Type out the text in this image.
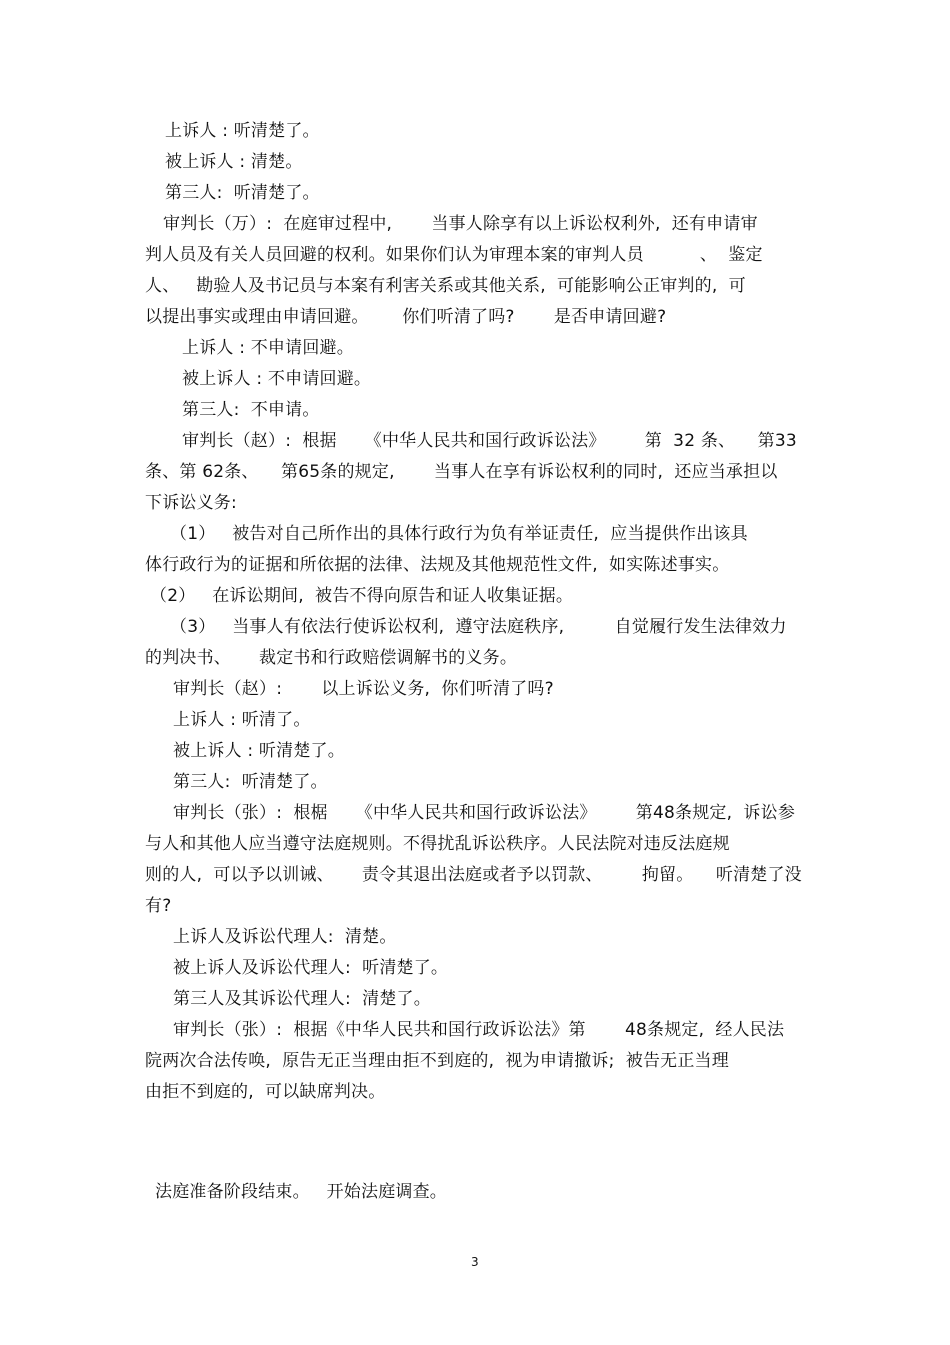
上诉人 : 听清楚了。
被上诉人 : 清楚。
第三人:  听清楚了。
审判长（万）:  在庭审过程中,       当事人除享有以上诉讼权利外,  还有申请审
判人员及有关人员回避的权利。如果你们认为审理本案的审判人员          、  鉴定
人、   勘验人及书记员与本案有利害关系或其他关系,  可能影响公正审判的,  可
以提出事实或理由申请回避。      你们听清了吗?       是否申请回避?
上诉人 : 不申请回避。
被上诉人 : 不申请回避。
第三人:  不申请。
审判长（赵）:  根据     《中华人民共和国行政诉讼法》       第  32 条、    第33
条、第 62条、    第65条的规定,       当事人在享有诉讼权利的同时,  还应当承担以
下诉讼义务:
（1）   被告对自己所作出的具体行政行为负有举证责任,  应当提供作出该具
体行政行为的证据和所依据的法律、法规及其他规范性文件,  如实陈述事实。
（2）   在诉讼期间,  被告不得向原告和证人收集证据。
（3）   当事人有依法行使诉讼权利,  遵守法庭秩序,         自觉履行发生法律效力
的判决书、     裁定书和行政赔偿调解书的义务。
审判长（赵）:       以上诉讼义务,  你们听清了吗?
上诉人 : 听清了。
被上诉人 : 听清楚了。
第三人:  听清楚了。
审判长（张）:  根椐     《中华人民共和国行政诉讼法》       第48条规定,  诉讼参
与人和其他人应当遵守法庭规则。不得扰乱诉讼秩序。人民法院对违反法庭规
则的人,  可以予以训诫、     责令其退出法庭或者予以罚款、       拘留。    听清楚了没
有?
上诉人及诉讼代理人:  清楚。
被上诉人及诉讼代理人:  听清楚了。
第三人及其诉讼代理人:  清楚了。
审判长（张）:  根据《中华人民共和国行政诉讼法》第       48条规定,  经人民法
院两次合法传唤,  原告无正当理由拒不到庭的,  视为申请撤诉;  被告无正当理
由拒不到庭的,  可以缺席判决。
法庭准备阶段结束。   开始法庭调查。
3
